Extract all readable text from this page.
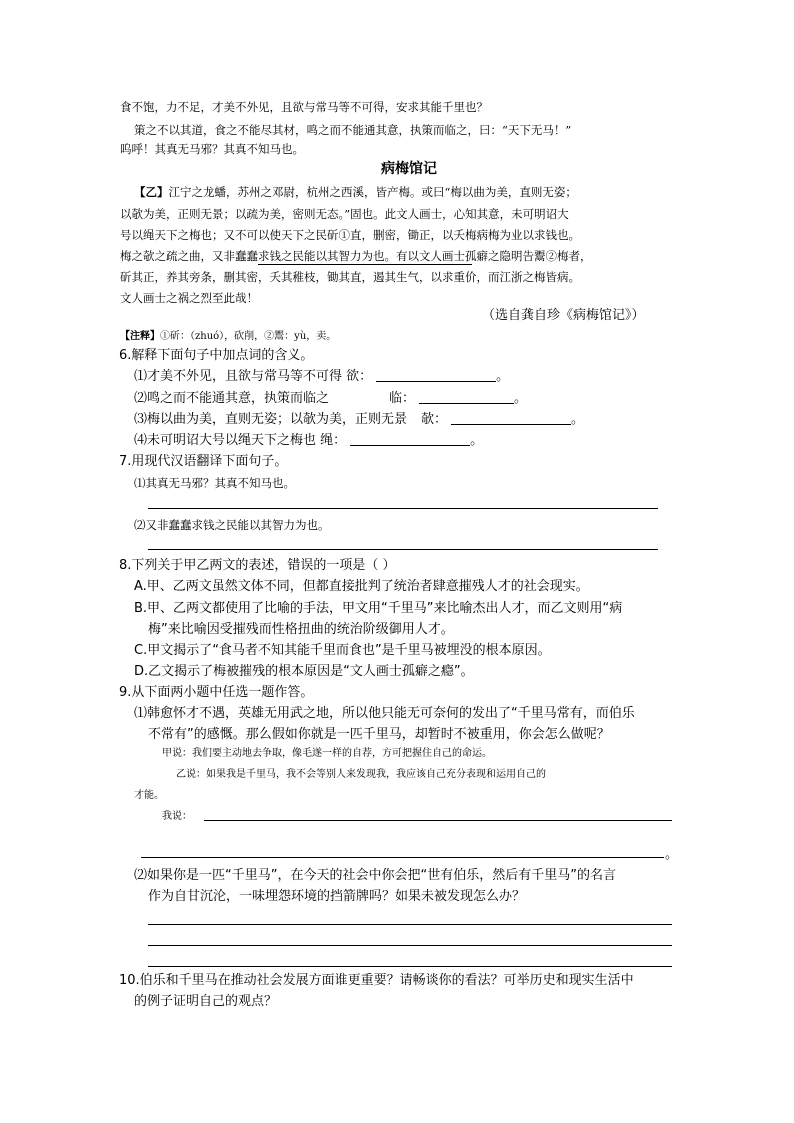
食不饱，力不足，才美不外见，且欲与常马等不可得，安求其能千里也？
策之不以其道，食之不能尽其材，鸣之而不能通其意，执策而临之，曰：“天下无马！”
呜呼！其真无马邪？其真不知马也。
病梅馆记
【乙】江宁之龙蟠，苏州之邓尉，杭州之西溪，皆产梅。或曰“梅以曲为美，直则无姿；
以欹为美，正则无景；以疏为美，密则无态。”固也。此文人画士，心知其意，未可明诏大
号以绳天下之梅也；又不可以使天下之民斫①直，删密，锄正，以夭梅病梅为业以求钱也。
梅之欹之疏之曲，又非蠢蠢求钱之民能以其智力为也。有以文人画士孤癖之隐明告鬻②梅者，
斫其正，养其旁条，删其密，夭其稚枝，锄其直，遏其生气，以求重价，而江浙之梅皆病。
文人画士之祸之烈至此哉！
（选自龚自珍《病梅馆记》）
【注释】①斫：（zhuó），砍削，②鬻：yù，卖。
6.解释下面句子中加点词的含义。
⑴才美不外见，且欲与常马等不可得 欲：	。
⑵鸣之而不能通其意，执策而临之	临：	。
⑶梅以曲为美，直则无姿；以欹为美，正则无景 欹：	。
⑷未可明诏大号以绳天下之梅也 绳：	。
7.用现代汉语翻译下面句子。
⑴其真无马邪？其真不知马也。
⑵又非蠢蠢求钱之民能以其智力为也。
8.下列关于甲乙两文的表述，错误的一项是（ ）
A.甲、乙两文虽然文体不同，但都直接批判了统治者肆意摧残人才的社会现实。
B.甲、乙两文都使用了比喻的手法，甲文用“千里马”来比喻杰出人才，而乙文则用“病
梅”来比喻因受摧残而性格扭曲的统治阶级御用人才。
C.甲文揭示了“食马者不知其能千里而食也”是千里马被埋没的根本原因。
D.乙文揭示了梅被摧残的根本原因是“文人画士孤癖之瘾”。
9.从下面两小题中任选一题作答。
⑴韩愈怀才不遇，英雄无用武之地，所以他只能无可奈何的发出了“千里马常有，而伯乐
不常有”的感慨。那么假如你就是一匹千里马，却暂时不被重用，你会怎么做呢？
甲说：我们要主动地去争取，像毛遂一样的自荐，方可把握住自己的命运。
乙说：如果我是千里马，我不会等别人来发现我，我应该自己充分表现和运用自己的
才能。
我说：
。
⑵如果你是一匹“千里马”，在今天的社会中你会把“世有伯乐，然后有千里马”的名言
作为自甘沉沦，一味埋怨环境的挡箭牌吗？如果未被发现怎么办？
10.伯乐和千里马在推动社会发展方面谁更重要？请畅谈你的看法？可举历史和现实生活中
的例子证明自己的观点？
